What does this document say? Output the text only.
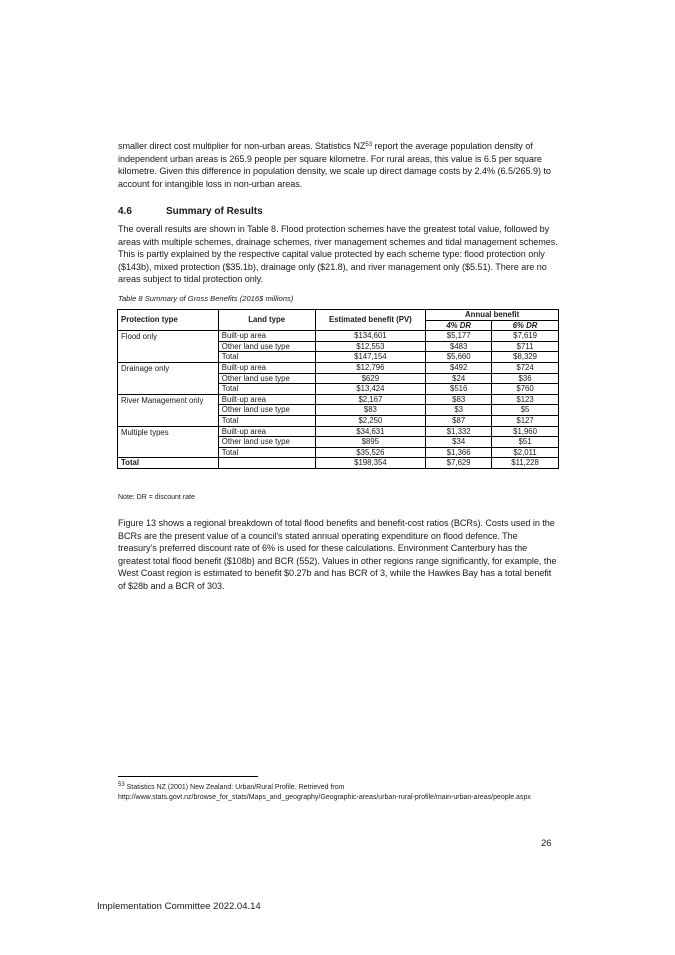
smaller direct cost multiplier for non-urban areas. Statistics NZ$^{53}$ report the average population density of independent urban areas is 265.9 people per square kilometre. For rural areas, this value is 6.5 per square kilometre. Given this difference in population density, we scale up direct damage costs by 2.4% (6.5/265.9) to account for intangible loss in non-urban areas.

4.6	Summary of Results

The overall results are shown in Table 8. Flood protection schemes have the greatest total value, followed by areas with multiple schemes, drainage schemes, river management schemes and tidal management schemes. This is partly explained by the respective capital value protected by each scheme type: flood protection only ($143b), mixed protection ($35.1b), drainage only ($21.8), and river management only ($5.51). There are no areas subject to tidal protection only.

Table 8 Summary of Gross Benefits (2016$ millions)
Protection type	Land type	Estimated benefit (PV)	Annual benefit	
			4% DR	6% DR
Flood only	Built-up area	$134,601	$5,177	$7,619
	Other land use type	$12,553	$483	$711
	Total	$147,154	$5,660	$8,329
Drainage only	Built-up area	$12,796	$492	$724
	Other land use type	$629	$24	$36
	Total	$13,424	$516	$760
River Management only	Built-up area	$2,167	$83	$123
	Other land use type	$83	$3	$5
	Total	$2,250	$87	$127
Multiple types	Built-up area	$34,631	$1,332	$1,960
	Other land use type	$895	$34	$51
	Total	$35,526	$1,366	$2,011
Total		$198,354	$7,629	$11,228
Note: DR = discount rate

Figure 13 shows a regional breakdown of total flood benefits and benefit-cost ratios (BCRs). Costs used in the BCRs are the present value of a council’s stated annual operating expenditure on flood defence. The treasury’s preferred discount rate of 6% is used for these calculations. Environment Canterbury has the greatest total flood benefit ($108b) and BCR (552). Values in other regions range significantly, for example, the West Coast region is estimated to benefit $0.27b and has BCR of 3, while the Hawkes Bay has a total benefit of $28b and a BCR of 303.

$^{53}$ Statistics NZ (2001) New Zealand: Urban/Rural Profile. Retrieved from
http://www.stats.govt.nz/browse_for_stats/Maps_and_geography/Geographic-areas/urban-rural-profile/main-urban-areas/people.aspx
26
Implementation Committee 2022.04.14
